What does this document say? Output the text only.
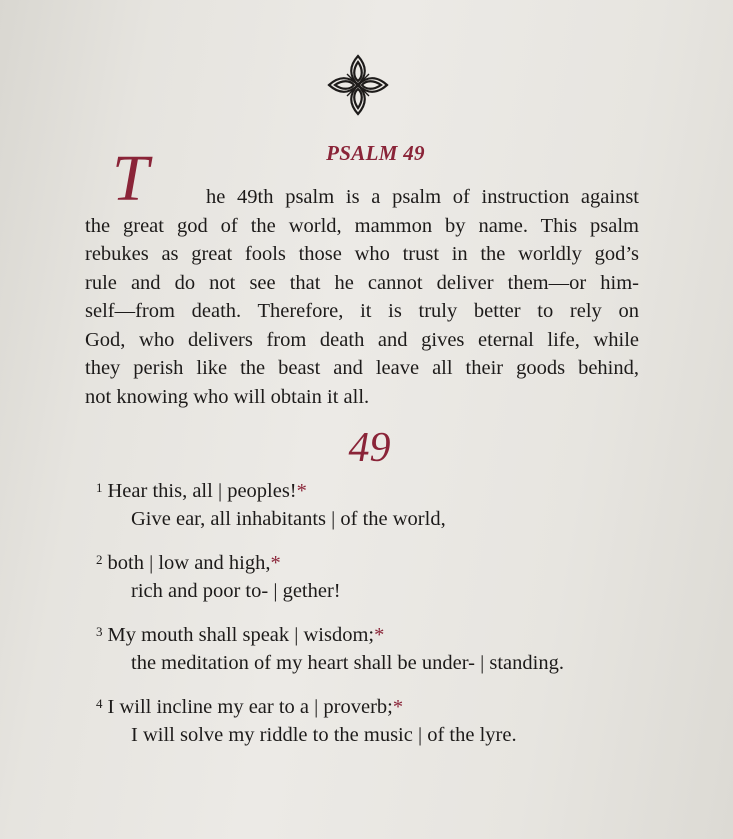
PSALM 49
T	he 49th psalm is a psalm of instruction against
the great god of the world, mammon by name. This psalm
rebukes as great fools those who trust in the worldly god’s
rule and do not see that he cannot deliver them—or him-
self—from death. Therefore, it is truly better to rely on
God, who delivers from death and gives eternal life, while
they perish like the beast and leave all their goods behind,
not knowing who will obtain it all.
49
$^1$ Hear this, all | peoples!*
Give ear, all inhabitants | of the world,
$^2$ both | low and high,*
rich and poor to- | gether!
$^3$ My mouth shall speak | wisdom;*
the meditation of my heart shall be under- | standing.
$^4$ I will incline my ear to a | proverb;*
I will solve my riddle to the music | of the lyre.
